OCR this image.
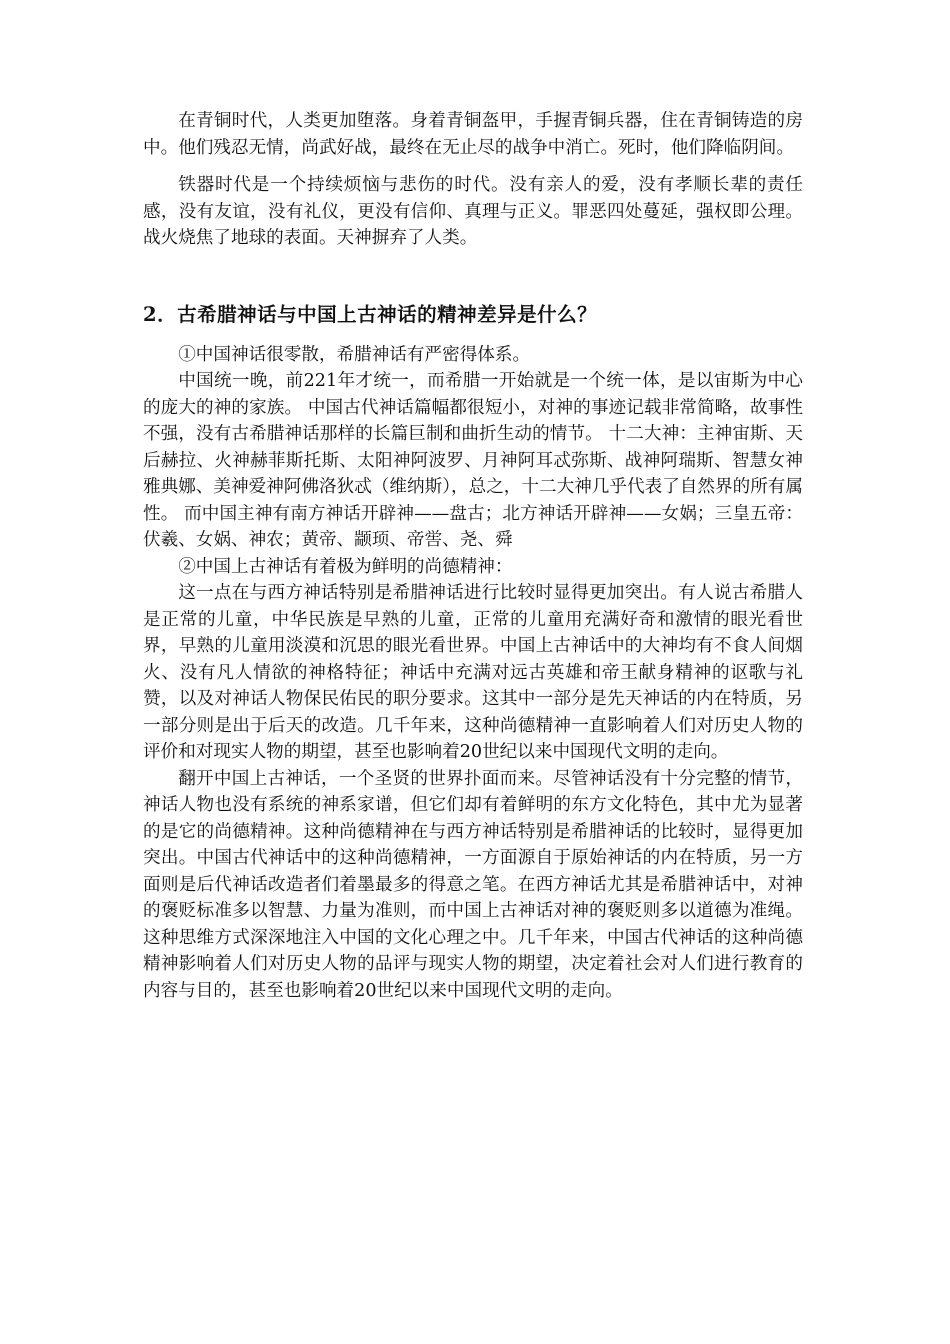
在青铜时代，人类更加堕落。身着青铜盔甲，手握青铜兵器，住在青铜铸造的房中。他们残忍无情，尚武好战，最终在无止尽的战争中消亡。死时，他们降临阴间。

铁器时代是一个持续烦恼与悲伤的时代。没有亲人的爱，没有孝顺长辈的责任感，没有友谊，没有礼仪，更没有信仰、真理与正义。罪恶四处蔓延，强权即公理。战火烧焦了地球的表面。天神摒弃了人类。

2．古希腊神话与中国上古神话的精神差异是什么？

①中国神话很零散，希腊神话有严密得体系。

中国统一晚，前221年才统一，而希腊一开始就是一个统一体，是以宙斯为中心的庞大的神的家族。 中国古代神话篇幅都很短小，对神的事迹记载非常简略，故事性不强，没有古希腊神话那样的长篇巨制和曲折生动的情节。 十二大神：主神宙斯、天后赫拉、火神赫菲斯托斯、太阳神阿波罗、月神阿耳忒弥斯、战神阿瑞斯、智慧女神雅典娜、美神爱神阿佛洛狄忒（维纳斯），总之，十二大神几乎代表了自然界的所有属性。 而中国主神有南方神话开辟神——盘古；北方神话开辟神——女娲；三皇五帝：伏羲、女娲、神农；黄帝、颛顼、帝喾、尧、舜

②中国上古神话有着极为鲜明的尚德精神：

这一点在与西方神话特别是希腊神话进行比较时显得更加突出。有人说古希腊人是正常的儿童，中华民族是早熟的儿童，正常的儿童用充满好奇和激情的眼光看世界，早熟的儿童用淡漠和沉思的眼光看世界。中国上古神话中的大神均有不食人间烟火、没有凡人情欲的神格特征；神话中充满对远古英雄和帝王献身精神的讴歌与礼赞，以及对神话人物保民佑民的职分要求。这其中一部分是先天神话的内在特质，另一部分则是出于后天的改造。几千年来，这种尚德精神一直影响着人们对历史人物的评价和对现实人物的期望，甚至也影响着20世纪以来中国现代文明的走向。

翻开中国上古神话，一个圣贤的世界扑面而来。尽管神话没有十分完整的情节，神话人物也没有系统的神系家谱，但它们却有着鲜明的东方文化特色，其中尤为显著的是它的尚德精神。这种尚德精神在与西方神话特别是希腊神话的比较时，显得更加突出。中国古代神话中的这种尚德精神，一方面源自于原始神话的内在特质，另一方面则是后代神话改造者们着墨最多的得意之笔。在西方神话尤其是希腊神话中，对神的褒贬标准多以智慧、力量为准则，而中国上古神话对神的褒贬则多以道德为准绳。这种思维方式深深地注入中国的文化心理之中。几千年来，中国古代神话的这种尚德精神影响着人们对历史人物的品评与现实人物的期望，决定着社会对人们进行教育的内容与目的，甚至也影响着20世纪以来中国现代文明的走向。
